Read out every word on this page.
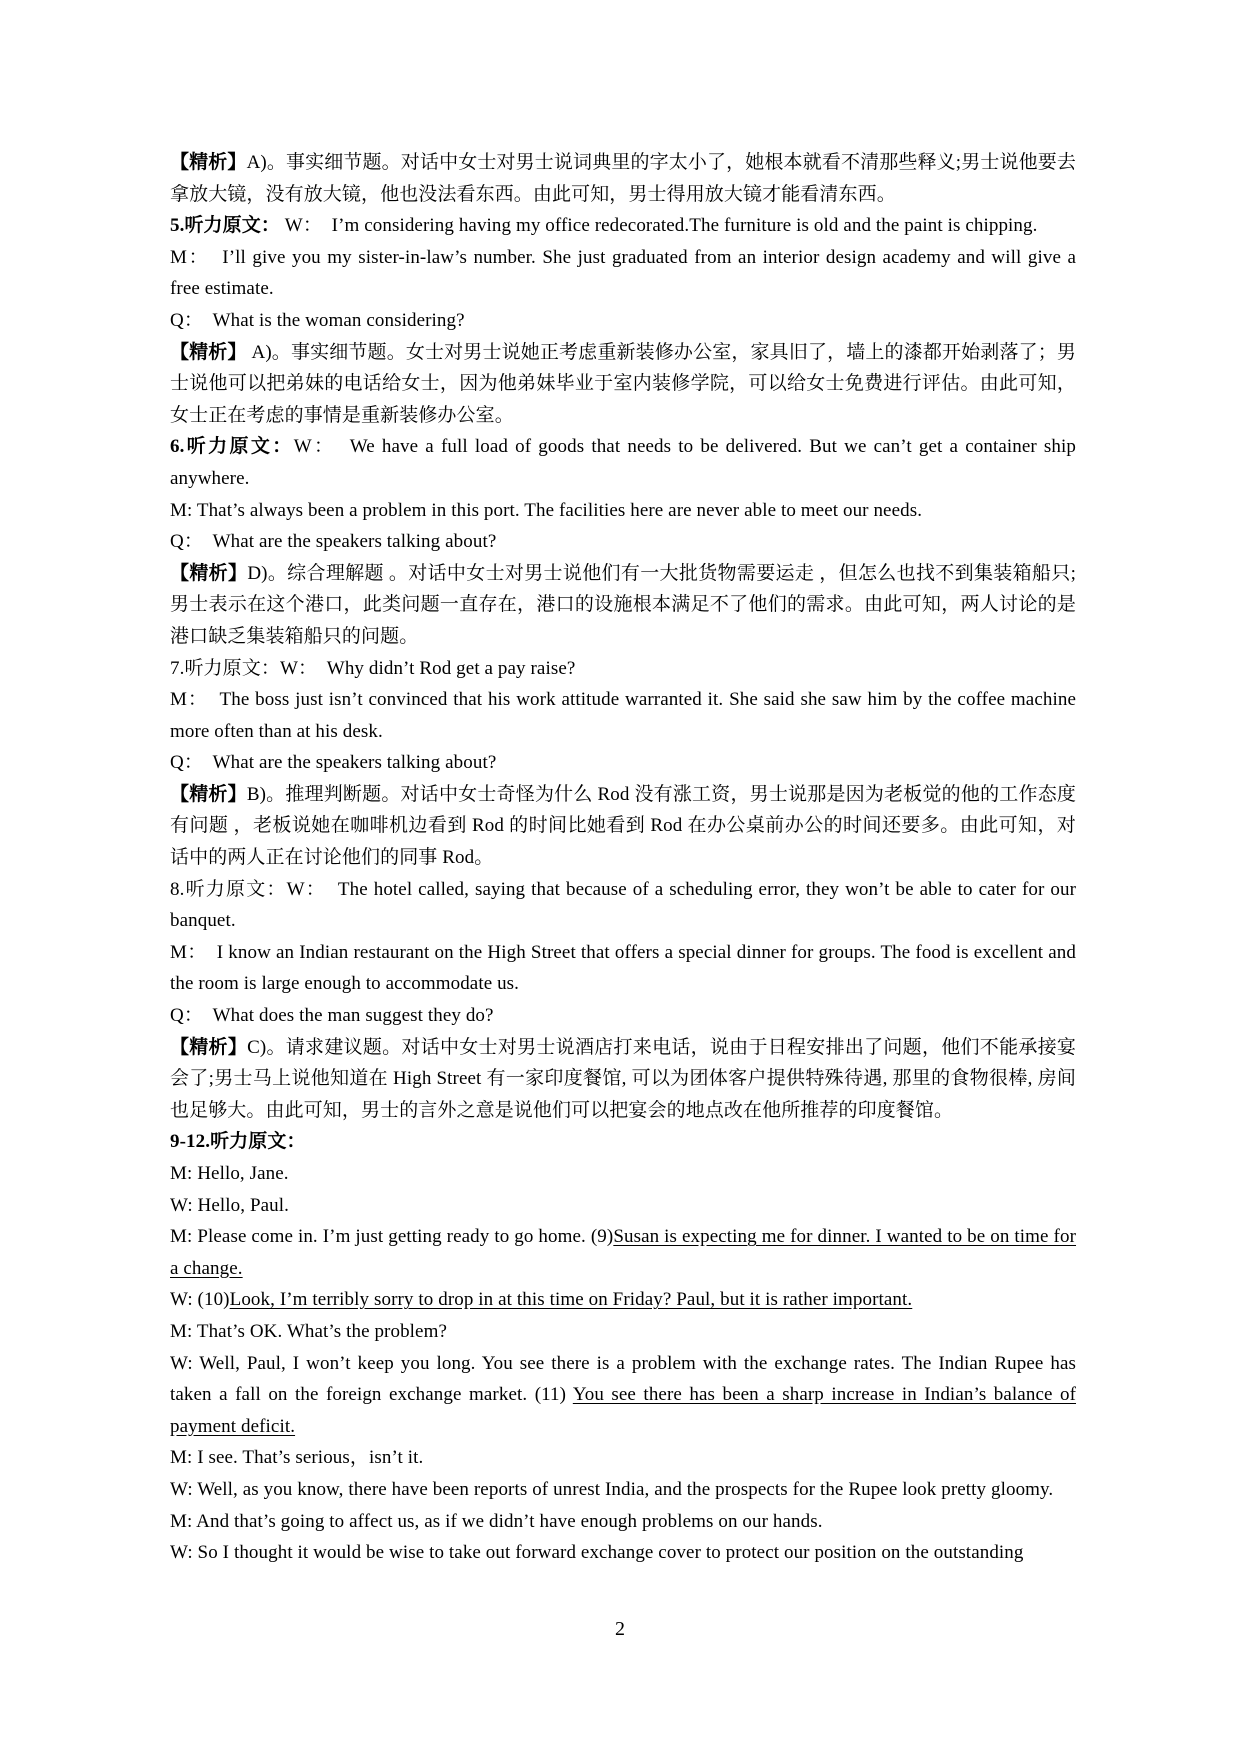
【精析】A)。事实细节题。对话中女士对男士说词典里的字太小了，她根本就看不清那些释义;男士说他要去拿放大镜，没有放大镜，他也没法看东西。由此可知，男士得用放大镜才能看清东西。

5.听力原文： W：  I’m considering having my office redecorated.The furniture is old and the paint is chipping.

M：  I’ll give you my sister-in-law’s number. She just graduated from an interior design academy and will give a free estimate.

Q：  What is the woman considering?

【精析】 A)。事实细节题。女士对男士说她正考虑重新装修办公室，家具旧了，墙上的漆都开始剥落了；男士说他可以把弟妹的电话给女士，因为他弟妹毕业于室内装修学院，可以给女士免费进行评估。由此可知，女士正在考虑的事情是重新装修办公室。

6.听力原文：W：  We have a full load of goods that needs to be delivered. But we can’t get a container ship anywhere.

M: That’s always been a problem in this port. The facilities here are never able to meet our needs.

Q：  What are the speakers talking about?

【精析】D)。综合理解题 。对话中女士对男士说他们有一大批货物需要运走 ，但怎么也找不到集装箱船只;男士表示在这个港口，此类问题一直存在，港口的设施根本满足不了他们的需求。由此可知，两人讨论的是港口缺乏集装箱船只的问题。

7.听力原文：W：  Why didn’t Rod get a pay raise?

M：  The boss just isn’t convinced that his work attitude warranted it. She said she saw him by the coffee machine more often than at his desk.

Q：  What are the speakers talking about?

【精析】B)。推理判断题。对话中女士奇怪为什么 Rod 没有涨工资，男士说那是因为老板觉的他的工作态度有问题 ，老板说她在咖啡机边看到 Rod 的时间比她看到 Rod 在办公桌前办公的时间还要多。由此可知，对话中的两人正在讨论他们的同事 Rod。

8.听力原文：W：  The hotel called, saying that because of a scheduling error, they won’t be able to cater for our banquet.

M：  I know an Indian restaurant on the High Street that offers a special dinner for groups. The food is excellent and the room is large enough to accommodate us.

Q：  What does the man suggest they do?

【精析】C)。请求建议题。对话中女士对男士说酒店打来电话，说由于日程安排出了问题，他们不能承接宴会了;男士马上说他知道在 High Street 有一家印度餐馆, 可以为团体客户提供特殊待遇, 那里的食物很棒, 房间也足够大。由此可知，男士的言外之意是说他们可以把宴会的地点改在他所推荐的印度餐馆。

9-12.听力原文：

M: Hello, Jane.

W: Hello, Paul.

M: Please come in. I’m just getting ready to go home. (9)Susan is expecting me for dinner. I wanted to be on time for a change.

W: (10)Look, I’m terribly sorry to drop in at this time on Friday? Paul, but it is rather important.

M: That’s OK. What’s the problem?

W: Well, Paul, I won’t keep you long. You see there is a problem with the exchange rates. The Indian Rupee has taken a fall on the foreign exchange market. (11) You see there has been a sharp increase in Indian’s balance of payment deficit.

M: I see. That’s serious，isn’t it.

W: Well, as you know, there have been reports of unrest India, and the prospects for the Rupee look pretty gloomy.

M: And that’s going to affect us, as if we didn’t have enough problems on our hands.

W: So I thought it would be wise to take out forward exchange cover to protect our position on the outstanding

2
